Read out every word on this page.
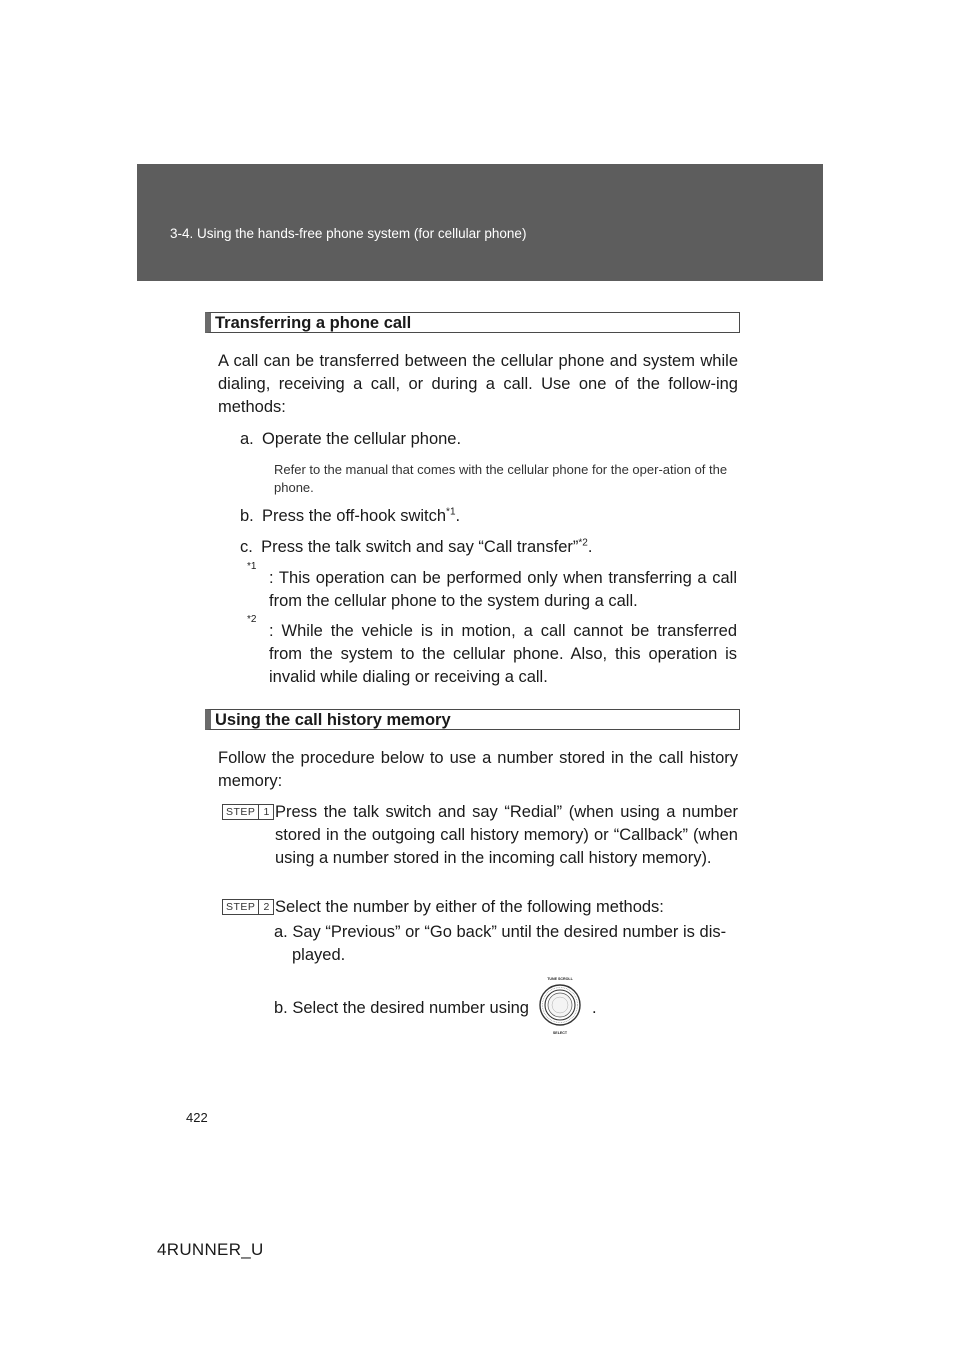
3-4. Using the hands-free phone system (for cellular phone)
Transferring a phone call
A call can be transferred between the cellular phone and system while dialing, receiving a call, or during a call. Use one of the follow-ing methods:
a. Operate the cellular phone.
Refer to the manual that comes with the cellular phone for the oper-ation of the phone.
b. Press the off-hook switch$^{*1}$.
c. Press the talk switch and say “Call transfer”$^{*2}$.
*1
: This operation can be performed only when transferring a call from the cellular phone to the system during a call.
*2
: While the vehicle is in motion, a call cannot be transferred from the system to the cellular phone. Also, this operation is invalid while dialing or receiving a call.
Using the call history memory
Follow the procedure below to use a number stored in the call history memory:
STEP 1 Press the talk switch and say “Redial” (when using a number stored in the outgoing call history memory) or “Callback” (when using a number stored in the incoming call history memory).
STEP 2 Select the number by either of the following methods:
a. Say “Previous” or “Go back” until the desired number is dis-played.
b. Select the desired number using
TUNE SCROLL
SELECT
.
422
4RUNNER_U
